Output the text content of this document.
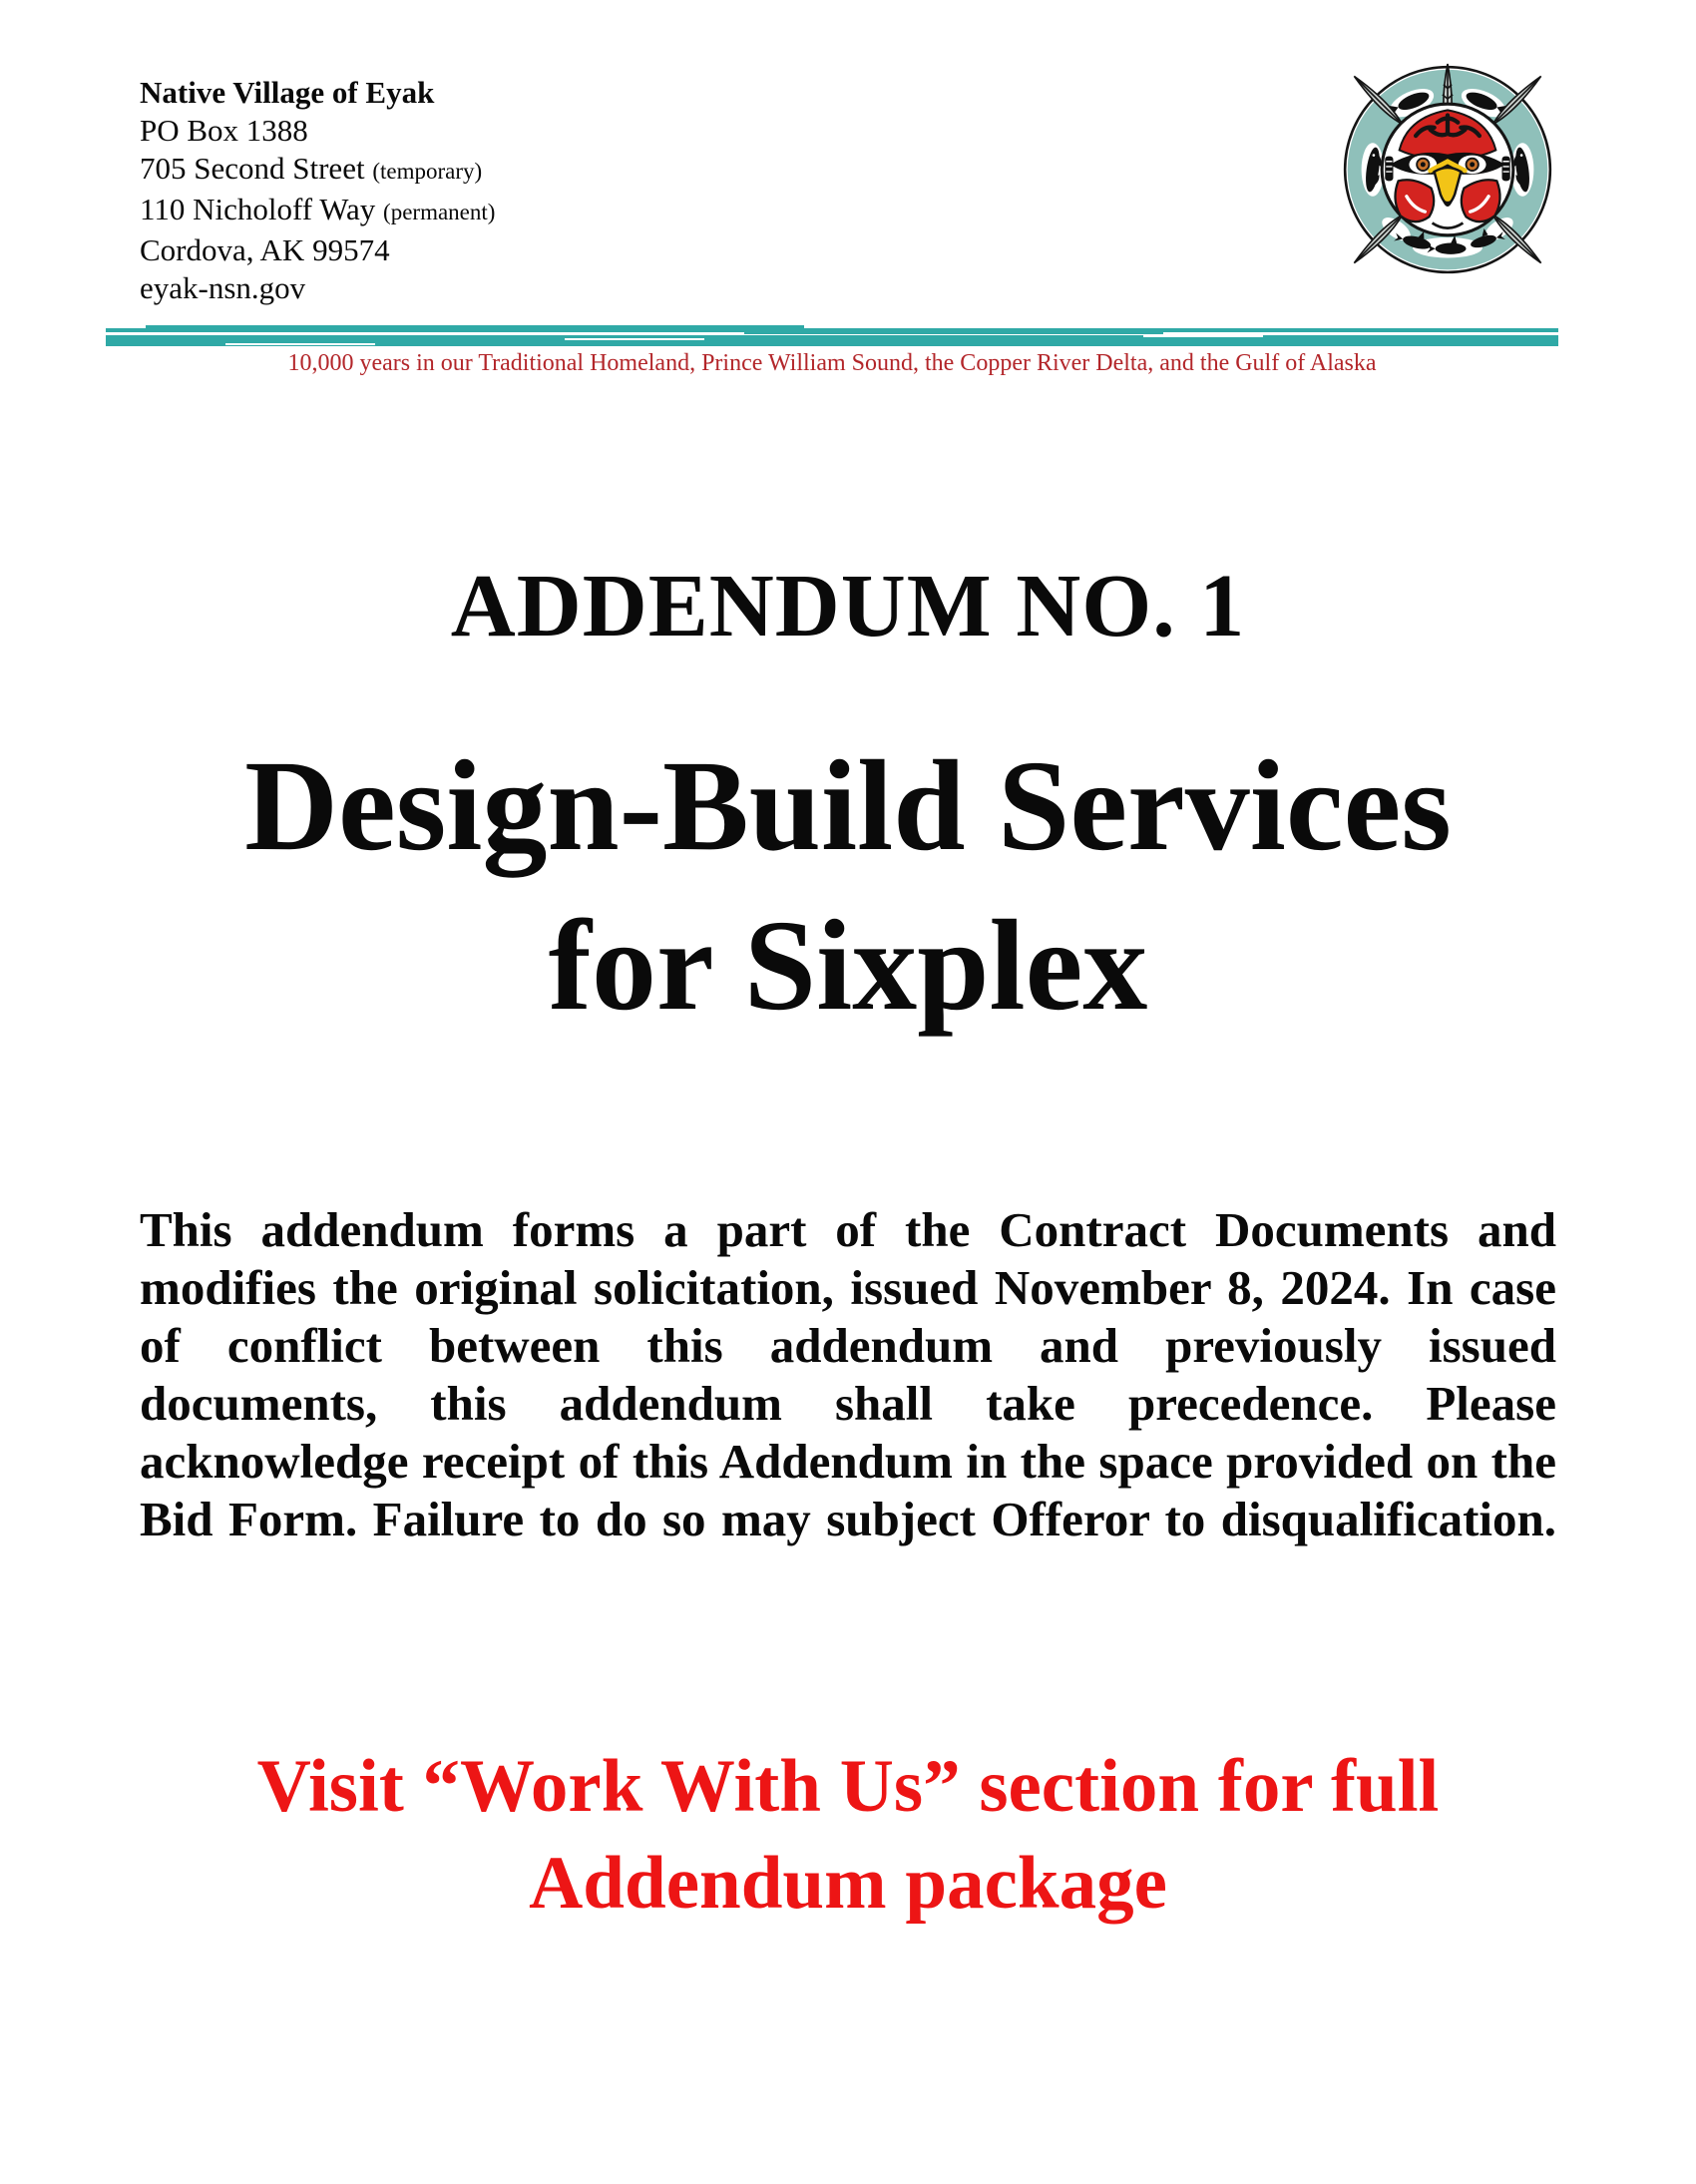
Native Village of Eyak
PO Box 1388
705 Second Street (temporary)
110 Nicholoff Way (permanent)
Cordova, AK 99574
eyak-nsn.gov
10,000 years in our Traditional Homeland, Prince William Sound, the Copper River Delta, and the Gulf of Alaska
ADDENDUM NO. 1
Design-Build Services
for Sixplex
This addendum forms a part of the Contract Documents and
modifies the original solicitation, issued November 8, 2024. In case
of conflict between this addendum and previously issued
documents, this addendum shall take precedence. Please
acknowledge receipt of this Addendum in the space provided on the
Bid Form. Failure to do so may subject Offeror to disqualification.
Visit “Work With Us” section for full
Addendum package
